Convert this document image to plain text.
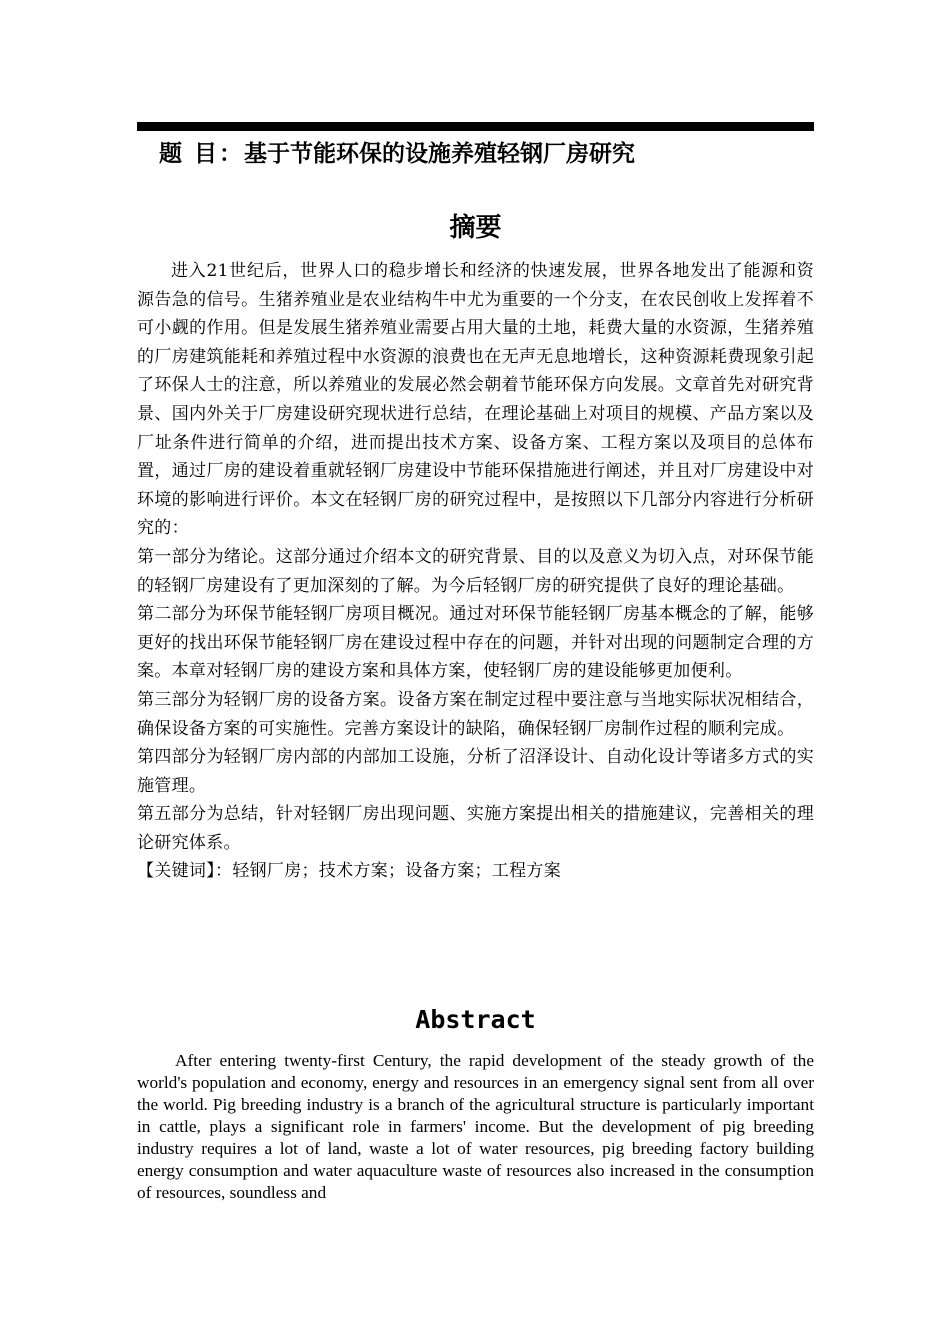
题 目：基于节能环保的设施养殖轻钢厂房研究
摘要

进入21世纪后，世界人口的稳步增长和经济的快速发展，世界各地发出了能源和资源告急的信号。生猪养殖业是农业结构牛中尤为重要的一个分支，在农民创收上发挥着不可小觑的作用。但是发展生猪养殖业需要占用大量的土地，耗费大量的水资源，生猪养殖的厂房建筑能耗和养殖过程中水资源的浪费也在无声无息地增长，这种资源耗费现象引起了环保人士的注意，所以养殖业的发展必然会朝着节能环保方向发展。文章首先对研究背景、国内外关于厂房建设研究现状进行总结，在理论基础上对项目的规模、产品方案以及厂址条件进行简单的介绍，进而提出技术方案、设备方案、工程方案以及项目的总体布置，通过厂房的建设着重就轻钢厂房建设中节能环保措施进行阐述，并且对厂房建设中对环境的影响进行评价。本文在轻钢厂房的研究过程中，是按照以下几部分内容进行分析研究的：

第一部分为绪论。这部分通过介绍本文的研究背景、目的以及意义为切入点，对环保节能的轻钢厂房建设有了更加深刻的了解。为今后轻钢厂房的研究提供了良好的理论基础。

第二部分为环保节能轻钢厂房项目概况。通过对环保节能轻钢厂房基本概念的了解，能够更好的找出环保节能轻钢厂房在建设过程中存在的问题，并针对出现的问题制定合理的方案。本章对轻钢厂房的建设方案和具体方案，使轻钢厂房的建设能够更加便利。

第三部分为轻钢厂房的设备方案。设备方案在制定过程中要注意与当地实际状况相结合，确保设备方案的可实施性。完善方案设计的缺陷，确保轻钢厂房制作过程的顺利完成。

第四部分为轻钢厂房内部的内部加工设施，分析了沼泽设计、自动化设计等诸多方式的实施管理。

第五部分为总结，针对轻钢厂房出现问题、实施方案提出相关的措施建议，完善相关的理论研究体系。

【关键词】：轻钢厂房；技术方案；设备方案；工程方案

Abstract

After entering twenty-first Century, the rapid development of the steady growth of the world's population and economy, energy and resources in an emergency signal sent from all over the world. Pig breeding industry is a branch of the agricultural structure is particularly important in cattle, plays a significant role in farmers' income. But the development of pig breeding industry requires a lot of land, waste a lot of water resources, pig breeding factory building energy consumption and water aquaculture waste of resources also increased in the consumption of resources, soundless and
